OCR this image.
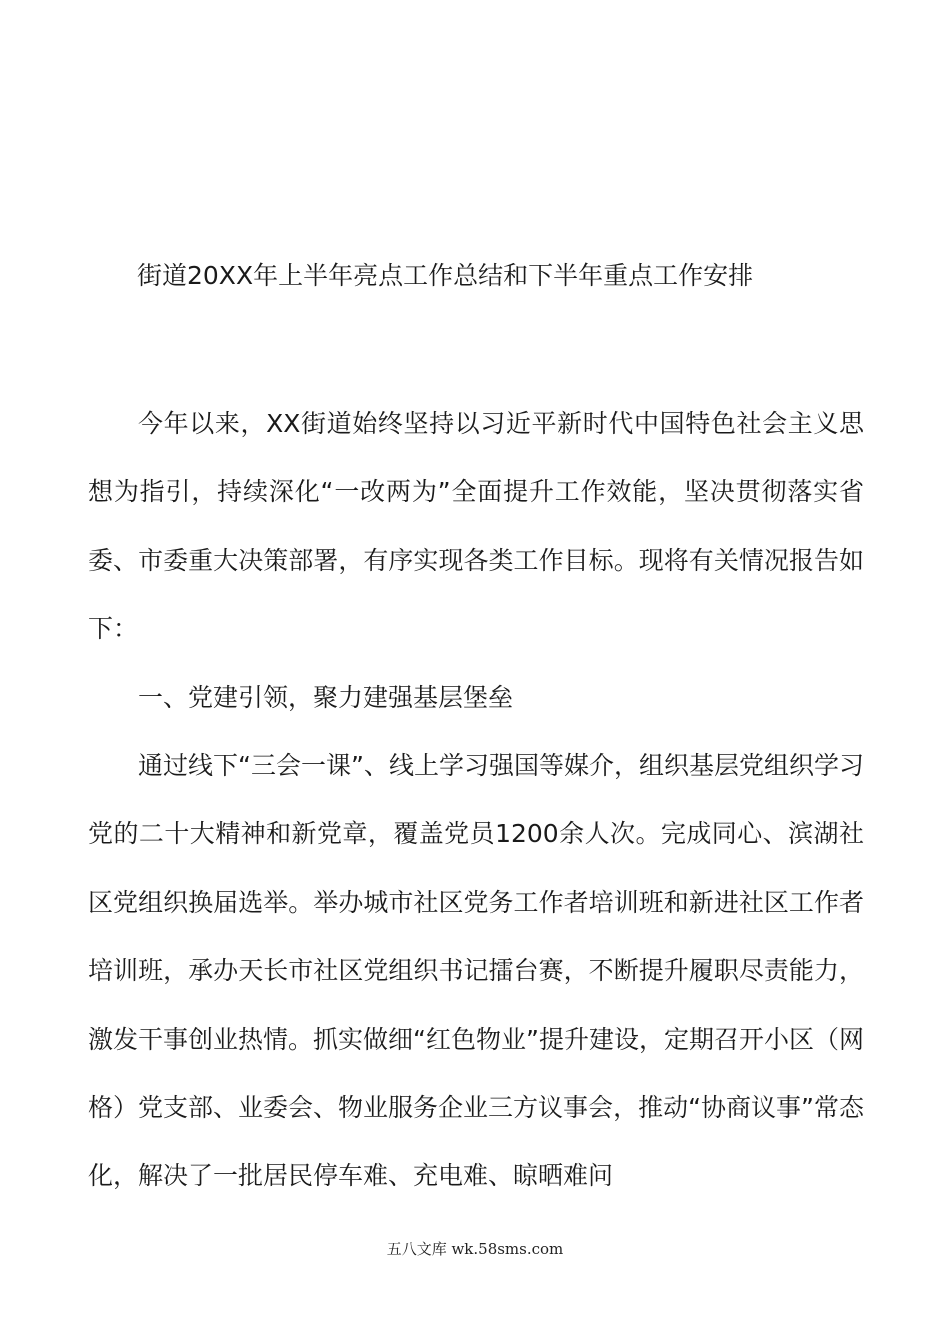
街道20XX年上半年亮点工作总结和下半年重点工作安排

今年以来，XX街道始终坚持以习近平新时代中国特色社会主义思想为指引，持续深化“一改两为”全面提升工作效能，坚决贯彻落实省委、市委重大决策部署，有序实现各类工作目标。现将有关情况报告如下：

一、党建引领，聚力建强基层堡垒

通过线下“三会一课”、线上学习强国等媒介，组织基层党组织学习党的二十大精神和新党章，覆盖党员1200余人次。完成同心、滨湖社区党组织换届选举。举办城市社区党务工作者培训班和新进社区工作者培训班，承办天长市社区党组织书记擂台赛，不断提升履职尽责能力，激发干事创业热情。抓实做细“红色物业”提升建设，定期召开小区（网格）党支部、业委会、物业服务企业三方议事会，推动“协商议事”常态化，解决了一批居民停车难、充电难、晾晒难问

五八文库 wk.58sms.com
